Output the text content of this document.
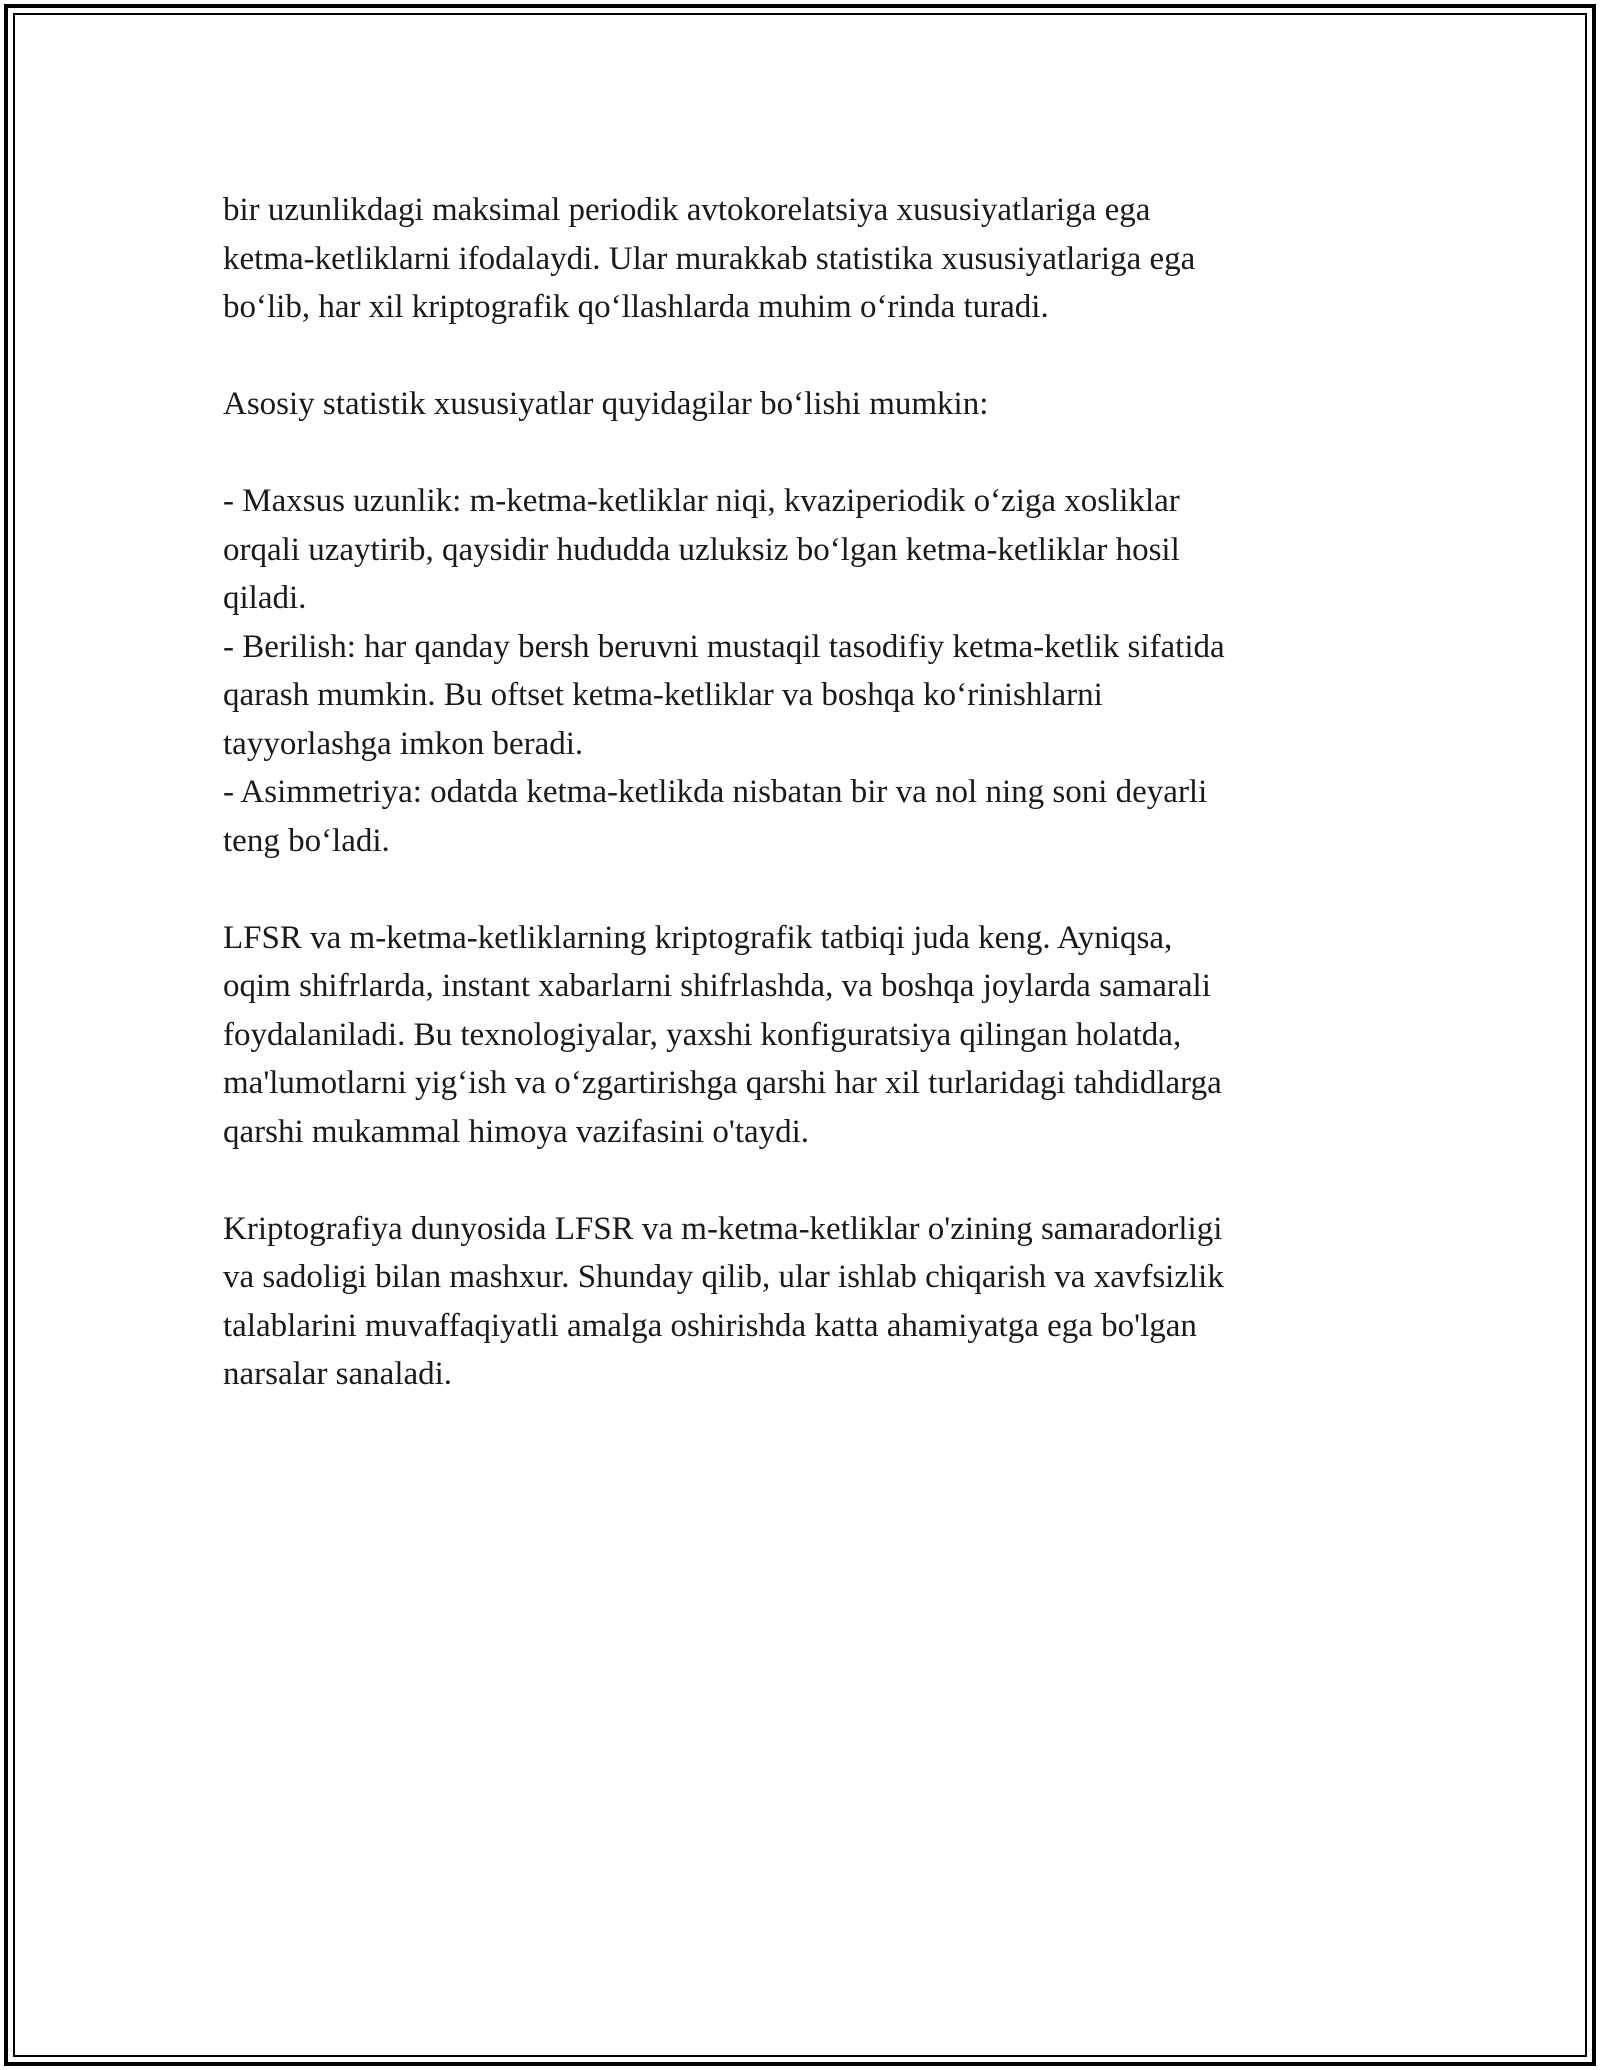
bir uzunlikdagi maksimal periodik avtokorelatsiya xususiyatlariga ega
ketma-ketliklarni ifodalaydi. Ular murakkab statistika xususiyatlariga ega
bo‘lib, har xil kriptografik qo‘llashlarda muhim o‘rinda turadi.

Asosiy statistik xususiyatlar quyidagilar bo‘lishi mumkin:

- Maxsus uzunlik: m-ketma-ketliklar niqi, kvaziperiodik o‘ziga xosliklar
orqali uzaytirib, qaysidir hududda uzluksiz bo‘lgan ketma-ketliklar hosil
qiladi.
- Berilish: har qanday bersh beruvni mustaqil tasodifiy ketma-ketlik sifatida
qarash mumkin. Bu oftset ketma-ketliklar va boshqa ko‘rinishlarni
tayyorlashga imkon beradi.
- Asimmetriya: odatda ketma-ketlikda nisbatan bir va nol ning soni deyarli
teng bo‘ladi.

LFSR va m-ketma-ketliklarning kriptografik tatbiqi juda keng. Ayniqsa,
oqim shifrlarda, instant xabarlarni shifrlashda, va boshqa joylarda samarali
foydalaniladi. Bu texnologiyalar, yaxshi konfiguratsiya qilingan holatda,
ma'lumotlarni yig‘ish va o‘zgartirishga qarshi har xil turlaridagi tahdidlarga
qarshi mukammal himoya vazifasini o'taydi.

Kriptografiya dunyosida LFSR va m-ketma-ketliklar o'zining samaradorligi
va sadoligi bilan mashxur. Shunday qilib, ular ishlab chiqarish va xavfsizlik
talablarini muvaffaqiyatli amalga oshirishda katta ahamiyatga ega bo'lgan
narsalar sanaladi.
